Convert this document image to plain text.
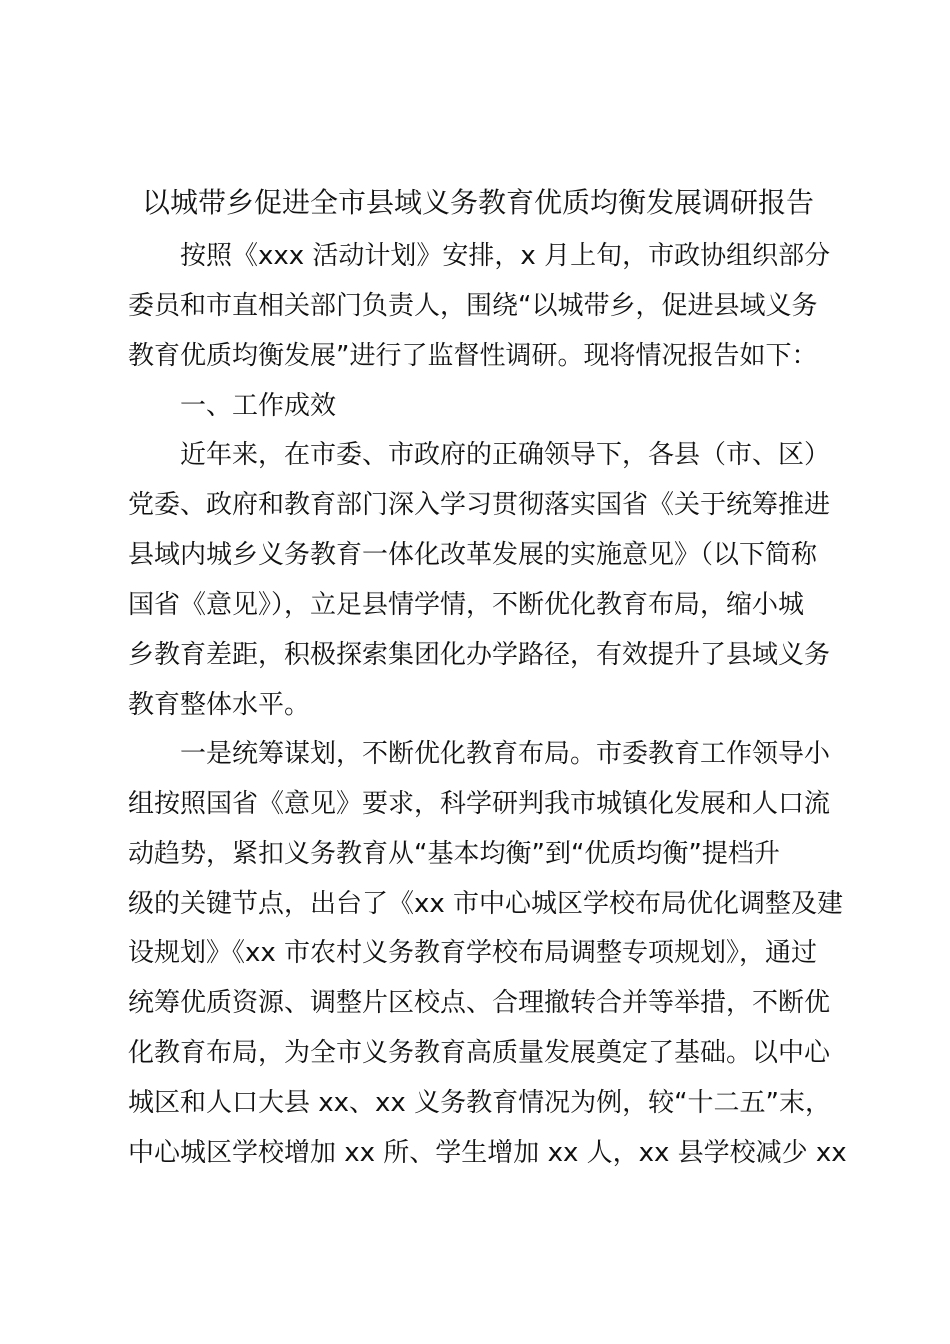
以城带乡促进全市县域义务教育优质均衡发展调研报告
按照《xxx 活动计划》安排，x 月上旬，市政协组织部分
委员和市直相关部门负责人，围绕“以城带乡，促进县域义务
教育优质均衡发展”进行了监督性调研。现将情况报告如下：
一、工作成效
近年来，在市委、市政府的正确领导下，各县（市、区）
党委、政府和教育部门深入学习贯彻落实国省《关于统筹推进
县域内城乡义务教育一体化改革发展的实施意见》（以下简称
国省《意见》），立足县情学情，不断优化教育布局，缩小城
乡教育差距，积极探索集团化办学路径，有效提升了县域义务
教育整体水平。
一是统筹谋划，不断优化教育布局。市委教育工作领导小
组按照国省《意见》要求，科学研判我市城镇化发展和人口流
动趋势，紧扣义务教育从“基本均衡”到“优质均衡”提档升
级的关键节点，出台了《xx 市中心城区学校布局优化调整及建
设规划》《xx 市农村义务教育学校布局调整专项规划》，通过
统筹优质资源、调整片区校点、合理撤转合并等举措，不断优
化教育布局，为全市义务教育高质量发展奠定了基础。以中心
城区和人口大县 xx、xx 义务教育情况为例，较“十二五”末，
中心城区学校增加 xx 所、学生增加 xx 人，xx 县学校减少 xx
